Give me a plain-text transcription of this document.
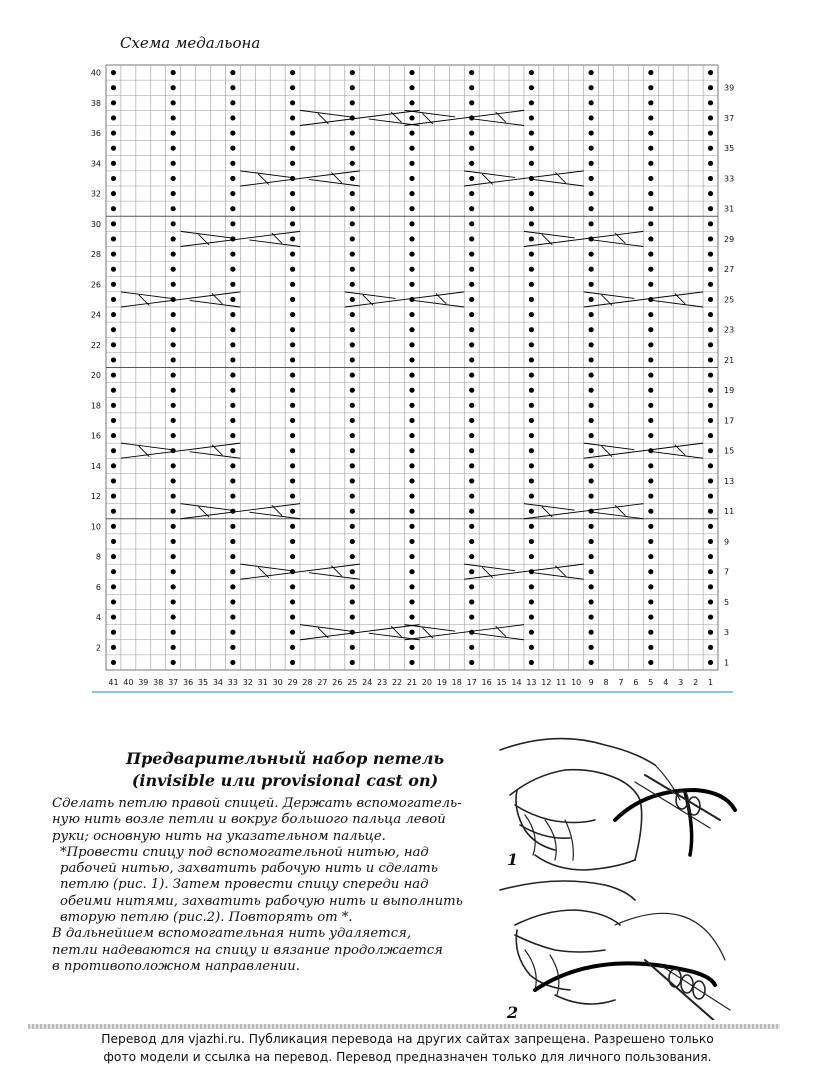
Схема медальона
2
4
6
8
10
12
14
16
18
20
22
24
26
28
30
32
34
36
38
40
1
3
5
7
9
11
13
15
17
19
21
23
25
27
29
31
33
35
37
39
41 40 39 38 37 36 35 34 33 32 31 30 29 28 27 26 25 24 23 22 21 20 19 18 17 16 15 14 13 12 11 10 9 8 7 6 5 4 3 2 1
Предварительный набор петель
(invisible или provisional cast on)

Сделать петлю правой спицей. Держать вспомогатель-
ную нить возле петли и вокруг большого пальца левой
руки; основную нить на указательном пальце.

*Провести спицу под вспомогательной нитью, над
рабочей нитью, захватить рабочую нить и сделать
петлю (рис. 1). Затем провести спицу спереди над
обеими нитями, захватить рабочую нить и выполнить
вторую петлю (рис.2). Повторять от *.

В дальнейшем вспомогательная нить удаляется,
петли надеваются на спицу и вязание продолжается
в противоположном направлении.

1
2
Перевод для vjazhi.ru. Публикация перевода на других сайтах запрещена. Разрешено только
фото модели и ссылка на перевод. Перевод предназначен только для личного пользования.
